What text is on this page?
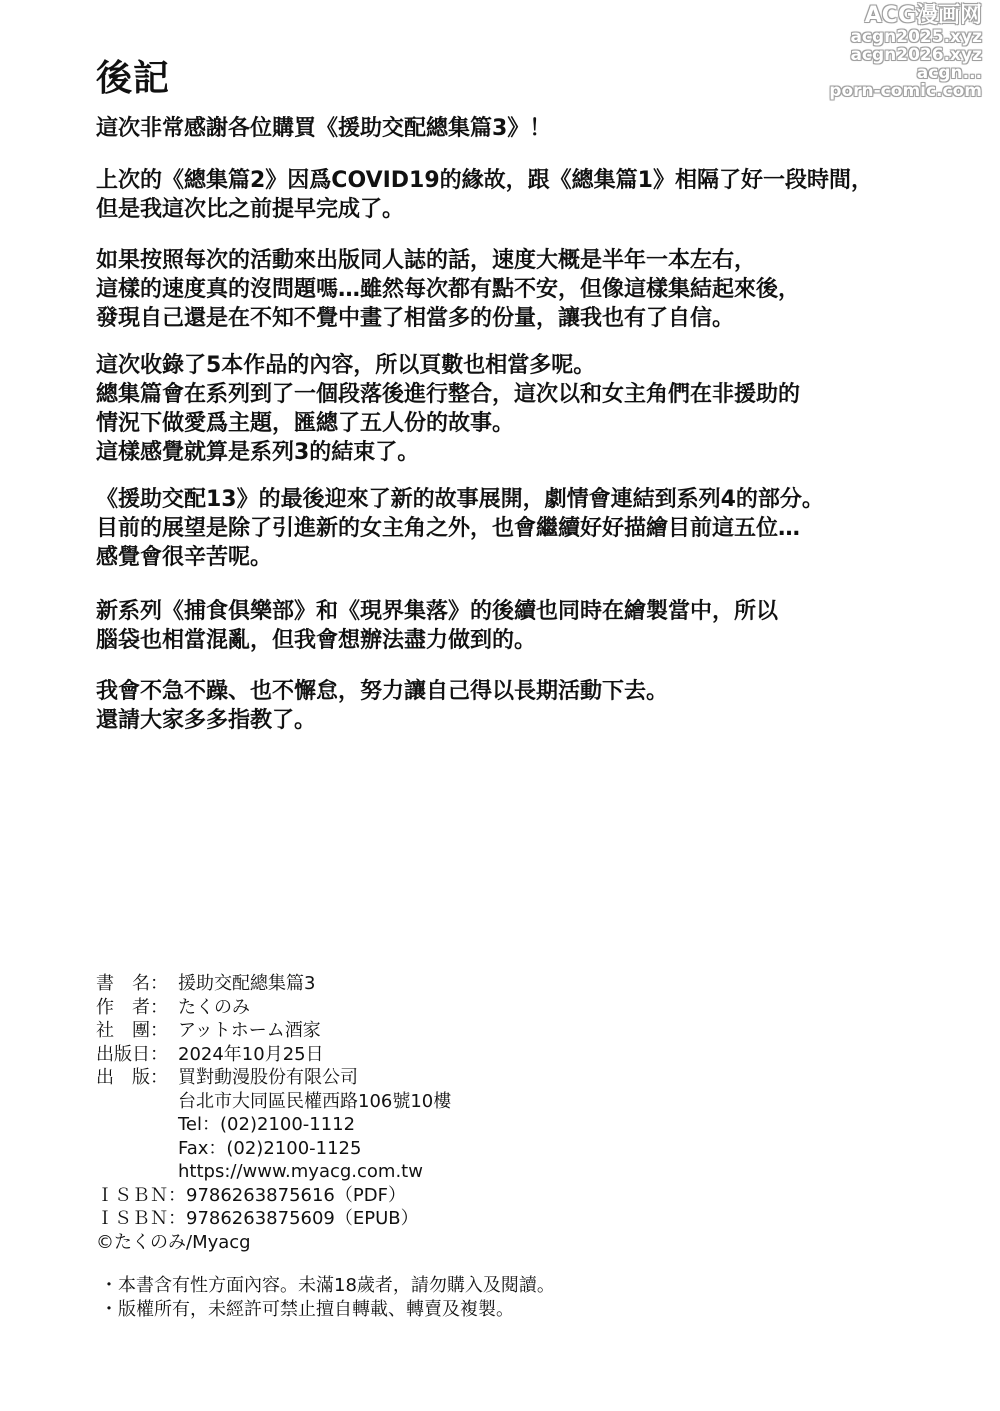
ACG漫画网
acgn2025.xyz
acgn2026.xyz
acgn...
porn-comic.com
後記
這次非常感謝各位購買《援助交配總集篇3》！
上次的《總集篇2》因爲COVID19的緣故，跟《總集篇1》相隔了好一段時間，
但是我這次比之前提早完成了。
如果按照每次的活動來出版同人誌的話，速度大概是半年一本左右，
這樣的速度真的沒問題嗎…雖然每次都有點不安，但像這樣集結起來後，
發現自己還是在不知不覺中畫了相當多的份量，讓我也有了自信。
這次收錄了5本作品的內容，所以頁數也相當多呢。
總集篇會在系列到了一個段落後進行整合，這次以和女主角們在非援助的
情況下做愛爲主題，匯總了五人份的故事。
這樣感覺就算是系列3的結束了。
《援助交配13》的最後迎來了新的故事展開，劇情會連結到系列4的部分。
目前的展望是除了引進新的女主角之外，也會繼續好好描繪目前這五位…
感覺會很辛苦呢。
新系列《捕食俱樂部》和《現界集落》的後續也同時在繪製當中，所以
腦袋也相當混亂，但我會想辦法盡力做到的。
我會不急不躁、也不懈怠，努力讓自己得以長期活動下去。
還請大家多多指教了。
書　名： 援助交配總集篇3
作　者： たくのみ
社　團： アットホーム酒家
出版日： 2024年10月25日
出　版： 買對動漫股份有限公司
台北市大同區民權西路106號10樓
Tel：(02)2100-1112
Fax：(02)2100-1125
https://www.myacg.com.tw
ＩＳＢＮ：9786263875616（PDF）
ＩＳＢＮ：9786263875609（EPUB）
©たくのみ/Myacg
・本書含有性方面內容。未滿18歲者，請勿購入及閱讀。
・版權所有，未經許可禁止擅自轉載、轉賣及複製。
